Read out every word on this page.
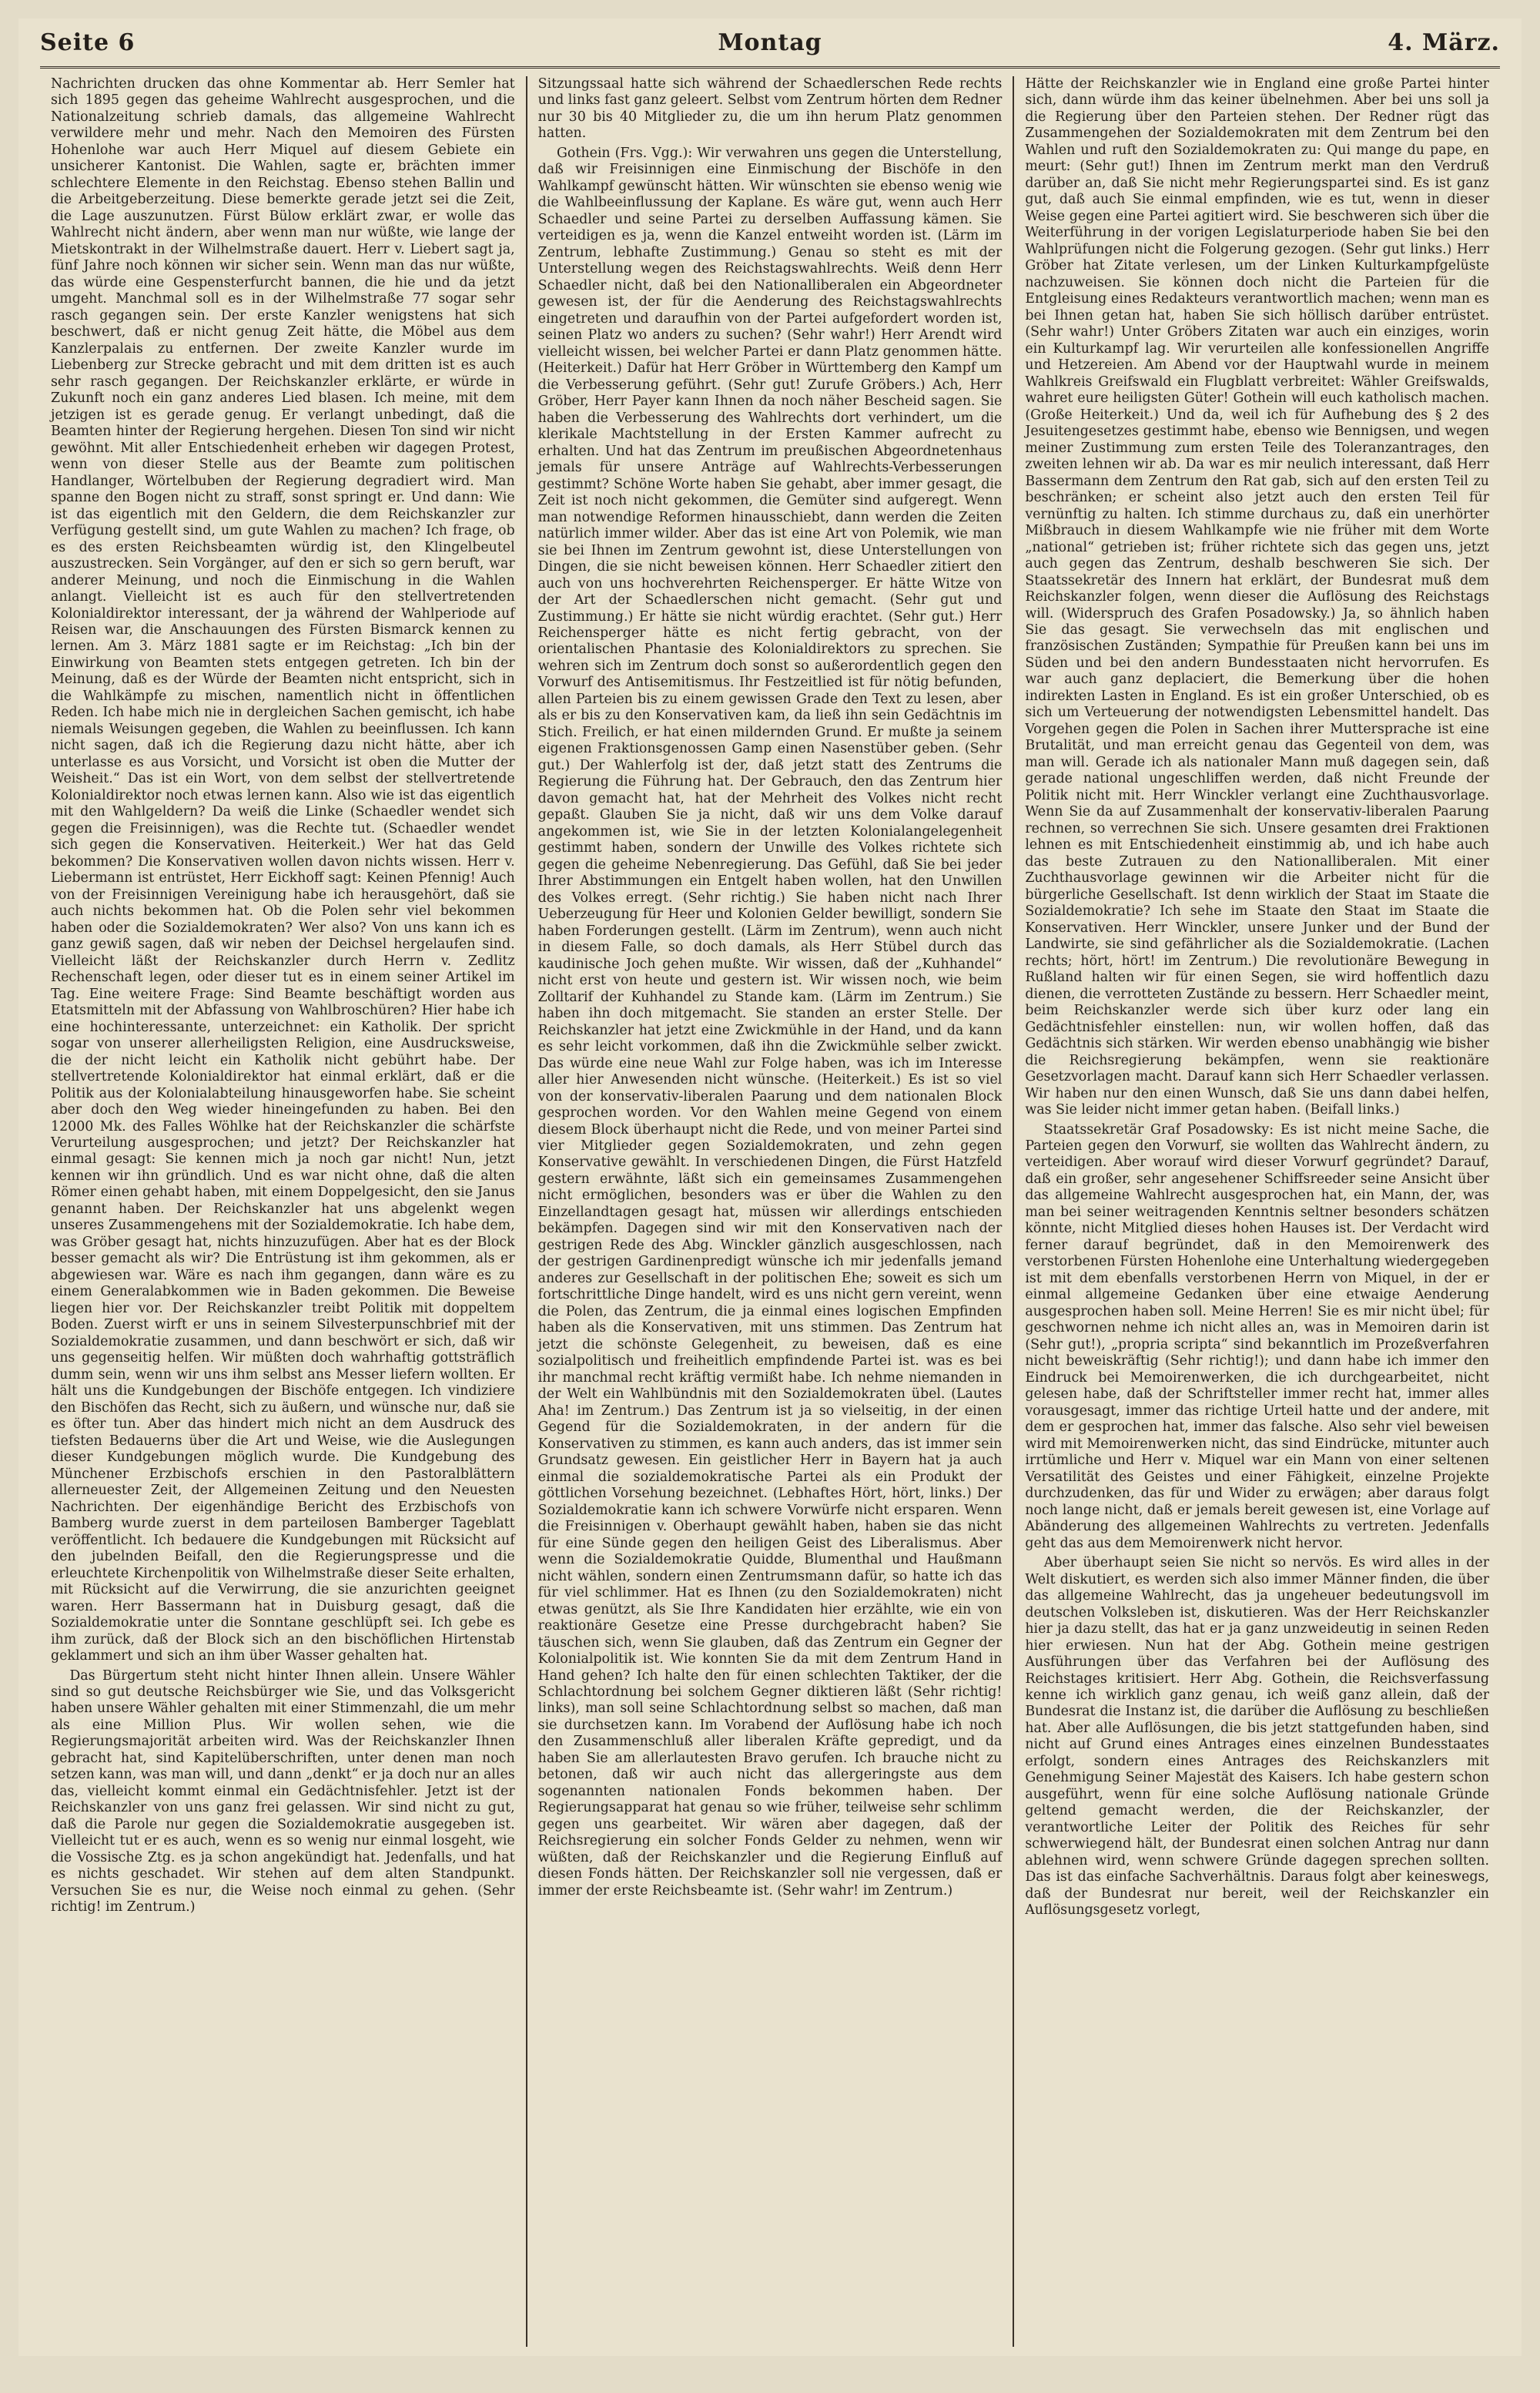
Seite 6	Montag	4. März.

Nachrichten drucken das ohne Kommentar ab. Herr Semler hat sich 1895 gegen das geheime Wahlrecht ausgesprochen, und die Nationalzeitung schrieb damals, das allgemeine Wahlrecht verwildere mehr und mehr. Nach den Memoiren des Fürsten Hohenlohe war auch Herr Miquel auf diesem Gebiete ein unsicherer Kantonist. Die Wahlen, sagte er, brächten immer schlechtere Elemente in den Reichstag. Ebenso stehen Ballin und die Arbeitgeberzeitung. Diese bemerkte gerade jetzt sei die Zeit, die Lage auszunutzen. Fürst Bülow erklärt zwar, er wolle das Wahlrecht nicht ändern, aber wenn man nur wüßte, wie lange der Mietskontrakt in der Wilhelmstraße dauert. Herr v. Liebert sagt ja, fünf Jahre noch können wir sicher sein. Wenn man das nur wüßte, das würde eine Gespensterfurcht bannen, die hie und da jetzt umgeht. Manchmal soll es in der Wilhelmstraße 77 sogar sehr rasch gegangen sein. Der erste Kanzler wenigstens hat sich beschwert, daß er nicht genug Zeit hätte, die Möbel aus dem Kanzlerpalais zu entfernen. Der zweite Kanzler wurde im Liebenberg zur Strecke gebracht und mit dem dritten ist es auch sehr rasch gegangen. Der Reichskanzler erklärte, er würde in Zukunft noch ein ganz anderes Lied blasen. Ich meine, mit dem jetzigen ist es gerade genug. Er verlangt unbedingt, daß die Beamten hinter der Regierung hergehen. Diesen Ton sind wir nicht gewöhnt. Mit aller Entschiedenheit erheben wir dagegen Protest, wenn von dieser Stelle aus der Beamte zum politischen Handlanger, Wörtelbuben der Regierung degradiert wird. Man spanne den Bogen nicht zu straff, sonst springt er. Und dann: Wie ist das eigentlich mit den Geldern, die dem Reichskanzler zur Verfügung gestellt sind, um gute Wahlen zu machen? Ich frage, ob es des ersten Reichsbeamten würdig ist, den Klingelbeutel auszustrecken. Sein Vorgänger, auf den er sich so gern beruft, war anderer Meinung, und noch die Einmischung in die Wahlen anlangt. Vielleicht ist es auch für den stellvertretenden Kolonialdirektor interessant, der ja während der Wahlperiode auf Reisen war, die Anschauungen des Fürsten Bismarck kennen zu lernen. Am 3. März 1881 sagte er im Reichstag: „Ich bin der Einwirkung von Beamten stets entgegen getreten. Ich bin der Meinung, daß es der Würde der Beamten nicht entspricht, sich in die Wahlkämpfe zu mischen, namentlich nicht in öffentlichen Reden. Ich habe mich nie in dergleichen Sachen gemischt, ich habe niemals Weisungen gegeben, die Wahlen zu beeinflussen. Ich kann nicht sagen, daß ich die Regierung dazu nicht hätte, aber ich unterlasse es aus Vorsicht, und Vorsicht ist oben die Mutter der Weisheit.“ Das ist ein Wort, von dem selbst der stellvertretende Kolonialdirektor noch etwas lernen kann. Also wie ist das eigentlich mit den Wahlgeldern? Da weiß die Linke (Schaedler wendet sich gegen die Freisinnigen), was die Rechte tut. (Schaedler wendet sich gegen die Konservativen. Heiterkeit.) Wer hat das Geld bekommen? Die Konservativen wollen davon nichts wissen. Herr v. Liebermann ist entrüstet, Herr Eickhoff sagt: Keinen Pfennig! Auch von der Freisinnigen Vereinigung habe ich herausgehört, daß sie auch nichts bekommen hat. Ob die Polen sehr viel bekommen haben oder die Sozialdemokraten? Wer also? Von uns kann ich es ganz gewiß sagen, daß wir neben der Deichsel hergelaufen sind. Vielleicht läßt der Reichskanzler durch Herrn v. Zedlitz Rechenschaft legen, oder dieser tut es in einem seiner Artikel im Tag. Eine weitere Frage: Sind Beamte beschäftigt worden aus Etatsmitteln mit der Abfassung von Wahlbroschüren? Hier habe ich eine hochinteressante, unterzeichnet: ein Katholik. Der spricht sogar von unserer allerheiligsten Religion, eine Ausdrucksweise, die der nicht leicht ein Katholik nicht gebührt habe. Der stellvertretende Kolonialdirektor hat einmal erklärt, daß er die Politik aus der Kolonialabteilung hinausgeworfen habe. Sie scheint aber doch den Weg wieder hineingefunden zu haben. Bei den 12000 Mk. des Falles Wöhlke hat der Reichskanzler die schärfste Verurteilung ausgesprochen; und jetzt? Der Reichskanzler hat einmal gesagt: Sie kennen mich ja noch gar nicht! Nun, jetzt kennen wir ihn gründlich. Und es war nicht ohne, daß die alten Römer einen gehabt haben, mit einem Doppelgesicht, den sie Janus genannt haben. Der Reichskanzler hat uns abgelenkt wegen unseres Zusammengehens mit der Sozialdemokratie. Ich habe dem, was Gröber gesagt hat, nichts hinzuzufügen. Aber hat es der Block besser gemacht als wir? Die Entrüstung ist ihm gekommen, als er abgewiesen war. Wäre es nach ihm gegangen, dann wäre es zu einem Generalabkommen wie in Baden gekommen. Die Beweise liegen hier vor. Der Reichskanzler treibt Politik mit doppeltem Boden. Zuerst wirft er uns in seinem Silvesterpunschbrief mit der Sozialdemokratie zusammen, und dann beschwört er sich, daß wir uns gegenseitig helfen. Wir müßten doch wahrhaftig gottsträflich dumm sein, wenn wir uns ihm selbst ans Messer liefern wollten. Er hält uns die Kundgebungen der Bischöfe entgegen. Ich vindiziere den Bischöfen das Recht, sich zu äußern, und wünsche nur, daß sie es öfter tun. Aber das hindert mich nicht an dem Ausdruck des tiefsten Bedauerns über die Art und Weise, wie die Auslegungen dieser Kundgebungen möglich wurde. Die Kundgebung des Münchener Erzbischofs erschien in den Pastoralblättern allerneuester Zeit, der Allgemeinen Zeitung und den Neuesten Nachrichten. Der eigenhändige Bericht des Erzbischofs von Bamberg wurde zuerst in dem parteilosen Bamberger Tageblatt veröffentlicht. Ich bedauere die Kundgebungen mit Rücksicht auf den jubelnden Beifall, den die Regierungspresse und die erleuchtete Kirchenpolitik von Wilhelmstraße dieser Seite erhalten, mit Rücksicht auf die Verwirrung, die sie anzurichten geeignet waren. Herr Bassermann hat in Duisburg gesagt, daß die Sozialdemokratie unter die Sonntane geschlüpft sei. Ich gebe es ihm zurück, daß der Block sich an den bischöflichen Hirtenstab geklammert und sich an ihm über Wasser gehalten hat.

Das Bürgertum steht nicht hinter Ihnen allein. Unsere Wähler sind so gut deutsche Reichsbürger wie Sie, und das Volksgericht haben unsere Wähler gehalten mit einer Stimmenzahl, die um mehr als eine Million Plus. Wir wollen sehen, wie die Regierungsmajorität arbeiten wird. Was der Reichskanzler Ihnen gebracht hat, sind Kapitelüberschriften, unter denen man noch setzen kann, was man will, und dann „denkt“ er ja doch nur an alles das, vielleicht kommt einmal ein Gedächtnisfehler. Jetzt ist der Reichskanzler von uns ganz frei gelassen. Wir sind nicht zu gut, daß die Parole nur gegen die Sozialdemokratie ausgegeben ist. Vielleicht tut er es auch, wenn es so wenig nur einmal losgeht, wie die Vossische Ztg. es ja schon angekündigt hat. Jedenfalls, und hat es nichts geschadet. Wir stehen auf dem alten Standpunkt. Versuchen Sie es nur, die Weise noch einmal zu gehen. (Sehr richtig! im Zentrum.)

Sitzungssaal hatte sich während der Schaedlerschen Rede rechts und links fast ganz geleert. Selbst vom Zentrum hörten dem Redner nur 30 bis 40 Mitglieder zu, die um ihn herum Platz genommen hatten.

Gothein (Frs. Vgg.): Wir verwahren uns gegen die Unterstellung, daß wir Freisinnigen eine Einmischung der Bischöfe in den Wahlkampf gewünscht hätten. Wir wünschten sie ebenso wenig wie die Wahlbeeinflussung der Kaplane. Es wäre gut, wenn auch Herr Schaedler und seine Partei zu derselben Auffassung kämen. Sie verteidigen es ja, wenn die Kanzel entweiht worden ist. (Lärm im Zentrum, lebhafte Zustimmung.) Genau so steht es mit der Unterstellung wegen des Reichstagswahlrechts. Weiß denn Herr Schaedler nicht, daß bei den Nationalliberalen ein Abgeordneter gewesen ist, der für die Aenderung des Reichstagswahlrechts eingetreten und daraufhin von der Partei aufgefordert worden ist, seinen Platz wo anders zu suchen? (Sehr wahr!) Herr Arendt wird vielleicht wissen, bei welcher Partei er dann Platz genommen hätte. (Heiterkeit.) Dafür hat Herr Gröber in Württemberg den Kampf um die Verbesserung geführt. (Sehr gut! Zurufe Gröbers.) Ach, Herr Gröber, Herr Payer kann Ihnen da noch näher Bescheid sagen. Sie haben die Verbesserung des Wahlrechts dort verhindert, um die klerikale Machtstellung in der Ersten Kammer aufrecht zu erhalten. Und hat das Zentrum im preußischen Abgeordnetenhaus jemals für unsere Anträge auf Wahlrechts-Verbesserungen gestimmt? Schöne Worte haben Sie gehabt, aber immer gesagt, die Zeit ist noch nicht gekommen, die Gemüter sind aufgeregt. Wenn man notwendige Reformen hinausschiebt, dann werden die Zeiten natürlich immer wilder. Aber das ist eine Art von Polemik, wie man sie bei Ihnen im Zentrum gewohnt ist, diese Unterstellungen von Dingen, die sie nicht beweisen können. Herr Schaedler zitiert den auch von uns hochverehrten Reichensperger. Er hätte Witze von der Art der Schaedlerschen nicht gemacht. (Sehr gut und Zustimmung.) Er hätte sie nicht würdig erachtet. (Sehr gut.) Herr Reichensperger hätte es nicht fertig gebracht, von der orientalischen Phantasie des Kolonialdirektors zu sprechen. Sie wehren sich im Zentrum doch sonst so außerordentlich gegen den Vorwurf des Antisemitismus. Ihr Festzeitlied ist für nötig befunden, allen Parteien bis zu einem gewissen Grade den Text zu lesen, aber als er bis zu den Konservativen kam, da ließ ihn sein Gedächtnis im Stich. Freilich, er hat einen mildernden Grund. Er mußte ja seinem eigenen Fraktionsgenossen Gamp einen Nasenstüber geben. (Sehr gut.) Der Wahlerfolg ist der, daß jetzt statt des Zentrums die Regierung die Führung hat. Der Gebrauch, den das Zentrum hier davon gemacht hat, hat der Mehrheit des Volkes nicht recht gepaßt. Glauben Sie ja nicht, daß wir uns dem Volke darauf angekommen ist, wie Sie in der letzten Kolonialangelegenheit gestimmt haben, sondern der Unwille des Volkes richtete sich gegen die geheime Nebenregierung. Das Gefühl, daß Sie bei jeder Ihrer Abstimmungen ein Entgelt haben wollen, hat den Unwillen des Volkes erregt. (Sehr richtig.) Sie haben nicht nach Ihrer Ueberzeugung für Heer und Kolonien Gelder bewilligt, sondern Sie haben Forderungen gestellt. (Lärm im Zentrum), wenn auch nicht in diesem Falle, so doch damals, als Herr Stübel durch das kaudinische Joch gehen mußte. Wir wissen, daß der „Kuhhandel“ nicht erst von heute und gestern ist. Wir wissen noch, wie beim Zolltarif der Kuhhandel zu Stande kam. (Lärm im Zentrum.) Sie haben ihn doch mitgemacht. Sie standen an erster Stelle. Der Reichskanzler hat jetzt eine Zwickmühle in der Hand, und da kann es sehr leicht vorkommen, daß ihn die Zwickmühle selber zwickt. Das würde eine neue Wahl zur Folge haben, was ich im Interesse aller hier Anwesenden nicht wünsche. (Heiterkeit.) Es ist so viel von der konservativ-liberalen Paarung und dem nationalen Block gesprochen worden. Vor den Wahlen meine Gegend von einem diesem Block überhaupt nicht die Rede, und von meiner Partei sind vier Mitglieder gegen Sozialdemokraten, und zehn gegen Konservative gewählt. In verschiedenen Dingen, die Fürst Hatzfeld gestern erwähnte, läßt sich ein gemeinsames Zusammengehen nicht ermöglichen, besonders was er über die Wahlen zu den Einzellandtagen gesagt hat, müssen wir allerdings entschieden bekämpfen. Dagegen sind wir mit den Konservativen nach der gestrigen Rede des Abg. Winckler gänzlich ausgeschlossen, nach der gestrigen Gardinenpredigt wünsche ich mir jedenfalls jemand anderes zur Gesellschaft in der politischen Ehe; soweit es sich um fortschrittliche Dinge handelt, wird es uns nicht gern vereint, wenn die Polen, das Zentrum, die ja einmal eines logischen Empfinden haben als die Konservativen, mit uns stimmen. Das Zentrum hat jetzt die schönste Gelegenheit, zu beweisen, daß es eine sozialpolitisch und freiheitlich empfindende Partei ist. was es bei ihr manchmal recht kräftig vermißt habe. Ich nehme niemanden in der Welt ein Wahlbündnis mit den Sozialdemokraten übel. (Lautes Aha! im Zentrum.) Das Zentrum ist ja so vielseitig, in der einen Gegend für die Sozialdemokraten, in der andern für die Konservativen zu stimmen, es kann auch anders, das ist immer sein Grundsatz gewesen. Ein geistlicher Herr in Bayern hat ja auch einmal die sozialdemokratische Partei als ein Produkt der göttlichen Vorsehung bezeichnet. (Lebhaftes Hört, hört, links.) Der Sozialdemokratie kann ich schwere Vorwürfe nicht ersparen. Wenn die Freisinnigen v. Oberhaupt gewählt haben, haben sie das nicht für eine Sünde gegen den heiligen Geist des Liberalismus. Aber wenn die Sozialdemokratie Quidde, Blumenthal und Haußmann nicht wählen, sondern einen Zentrumsmann dafür, so hatte ich das für viel schlimmer. Hat es Ihnen (zu den Sozialdemokraten) nicht etwas genützt, als Sie Ihre Kandidaten hier erzählte, wie ein von reaktionäre Gesetze eine Presse durchgebracht haben? Sie täuschen sich, wenn Sie glauben, daß das Zentrum ein Gegner der Kolonialpolitik ist. Wie konnten Sie da mit dem Zentrum Hand in Hand gehen? Ich halte den für einen schlechten Taktiker, der die Schlachtordnung bei solchem Gegner diktieren läßt (Sehr richtig! links), man soll seine Schlachtordnung selbst so machen, daß man sie durchsetzen kann. Im Vorabend der Auflösung habe ich noch den Zusammenschluß aller liberalen Kräfte gepredigt, und da haben Sie am allerlautesten Bravo gerufen. Ich brauche nicht zu betonen, daß wir auch nicht das allergeringste aus dem sogenannten nationalen Fonds bekommen haben. Der Regierungsapparat hat genau so wie früher, teilweise sehr schlimm gegen uns gearbeitet. Wir wären aber dagegen, daß der Reichsregierung ein solcher Fonds Gelder zu nehmen, wenn wir wüßten, daß der Reichskanzler und die Regierung Einfluß auf diesen Fonds hätten. Der Reichskanzler soll nie vergessen, daß er immer der erste Reichsbeamte ist. (Sehr wahr! im Zentrum.)

Hätte der Reichskanzler wie in England eine große Partei hinter sich, dann würde ihm das keiner übelnehmen. Aber bei uns soll ja die Regierung über den Parteien stehen. Der Redner rügt das Zusammengehen der Sozialdemokraten mit dem Zentrum bei den Wahlen und ruft den Sozialdemokraten zu: Qui mange du pape, en meurt: (Sehr gut!) Ihnen im Zentrum merkt man den Verdruß darüber an, daß Sie nicht mehr Regierungspartei sind. Es ist ganz gut, daß auch Sie einmal empfinden, wie es tut, wenn in dieser Weise gegen eine Partei agitiert wird. Sie beschweren sich über die Weiterführung in der vorigen Legislaturperiode haben Sie bei den Wahlprüfungen nicht die Folgerung gezogen. (Sehr gut links.) Herr Gröber hat Zitate verlesen, um der Linken Kulturkampfgelüste nachzuweisen. Sie können doch nicht die Parteien für die Entgleisung eines Redakteurs verantwortlich machen; wenn man es bei Ihnen getan hat, haben Sie sich höllisch darüber entrüstet. (Sehr wahr!) Unter Gröbers Zitaten war auch ein einziges, worin ein Kulturkampf lag. Wir verurteilen alle konfessionellen Angriffe und Hetzereien. Am Abend vor der Hauptwahl wurde in meinem Wahlkreis Greifswald ein Flugblatt verbreitet: Wähler Greifswalds, wahret eure heiligsten Güter! Gothein will euch katholisch machen. (Große Heiterkeit.) Und da, weil ich für Aufhebung des § 2 des Jesuitengesetzes gestimmt habe, ebenso wie Bennigsen, und wegen meiner Zustimmung zum ersten Teile des Toleranzantrages, den zweiten lehnen wir ab. Da war es mir neulich interessant, daß Herr Bassermann dem Zentrum den Rat gab, sich auf den ersten Teil zu beschränken; er scheint also jetzt auch den ersten Teil für vernünftig zu halten. Ich stimme durchaus zu, daß ein unerhörter Mißbrauch in diesem Wahlkampfe wie nie früher mit dem Worte „national“ getrieben ist; früher richtete sich das gegen uns, jetzt auch gegen das Zentrum, deshalb beschweren Sie sich. Der Staatssekretär des Innern hat erklärt, der Bundesrat muß dem Reichskanzler folgen, wenn dieser die Auflösung des Reichstags will. (Widerspruch des Grafen Posadowsky.) Ja, so ähnlich haben Sie das gesagt. Sie verwechseln das mit englischen und französischen Zuständen; Sympathie für Preußen kann bei uns im Süden und bei den andern Bundesstaaten nicht hervorrufen. Es war auch ganz deplaciert, die Bemerkung über die hohen indirekten Lasten in England. Es ist ein großer Unterschied, ob es sich um Verteuerung der notwendigsten Lebensmittel handelt. Das Vorgehen gegen die Polen in Sachen ihrer Muttersprache ist eine Brutalität, und man erreicht genau das Gegenteil von dem, was man will. Gerade ich als nationaler Mann muß dagegen sein, daß gerade national ungeschliffen werden, daß nicht Freunde der Politik nicht mit. Herr Winckler verlangt eine Zuchthausvorlage. Wenn Sie da auf Zusammenhalt der konservativ-liberalen Paarung rechnen, so verrechnen Sie sich. Unsere gesamten drei Fraktionen lehnen es mit Entschiedenheit einstimmig ab, und ich habe auch das beste Zutrauen zu den Nationalliberalen. Mit einer Zuchthausvorlage gewinnen wir die Arbeiter nicht für die bürgerliche Gesellschaft. Ist denn wirklich der Staat im Staate die Sozialdemokratie? Ich sehe im Staate den Staat im Staate die Konservativen. Herr Winckler, unsere Junker und der Bund der Landwirte, sie sind gefährlicher als die Sozialdemokratie. (Lachen rechts; hört, hört! im Zentrum.) Die revolutionäre Bewegung in Rußland halten wir für einen Segen, sie wird hoffentlich dazu dienen, die verrotteten Zustände zu bessern. Herr Schaedler meint, beim Reichskanzler werde sich über kurz oder lang ein Gedächtnisfehler einstellen: nun, wir wollen hoffen, daß das Gedächtnis sich stärken. Wir werden ebenso unabhängig wie bisher die Reichsregierung bekämpfen, wenn sie reaktionäre Gesetzvorlagen macht. Darauf kann sich Herr Schaedler verlassen. Wir haben nur den einen Wunsch, daß Sie uns dann dabei helfen, was Sie leider nicht immer getan haben. (Beifall links.)

Staatssekretär Graf Posadowsky: Es ist nicht meine Sache, die Parteien gegen den Vorwurf, sie wollten das Wahlrecht ändern, zu verteidigen. Aber worauf wird dieser Vorwurf gegründet? Darauf, daß ein großer, sehr angesehener Schiffsreeder seine Ansicht über das allgemeine Wahlrecht ausgesprochen hat, ein Mann, der, was man bei seiner weitragenden Kenntnis seltner besonders schätzen könnte, nicht Mitglied dieses hohen Hauses ist. Der Verdacht wird ferner darauf begründet, daß in den Memoirenwerk des verstorbenen Fürsten Hohenlohe eine Unterhaltung wiedergegeben ist mit dem ebenfalls verstorbenen Herrn von Miquel, in der er einmal allgemeine Gedanken über eine etwaige Aenderung ausgesprochen haben soll. Meine Herren! Sie es mir nicht übel; für geschwornen nehme ich nicht alles an, was in Memoiren darin ist (Sehr gut!), „propria scripta“ sind bekanntlich im Prozeßverfahren nicht beweiskräftig (Sehr richtig!); und dann habe ich immer den Eindruck bei Memoirenwerken, die ich durchgearbeitet, nicht gelesen habe, daß der Schriftsteller immer recht hat, immer alles vorausgesagt, immer das richtige Urteil hatte und der andere, mit dem er gesprochen hat, immer das falsche. Also sehr viel beweisen wird mit Memoirenwerken nicht, das sind Eindrücke, mitunter auch irrtümliche und Herr v. Miquel war ein Mann von einer seltenen Versatilität des Geistes und einer Fähigkeit, einzelne Projekte durchzudenken, das für und Wider zu erwägen; aber daraus folgt noch lange nicht, daß er jemals bereit gewesen ist, eine Vorlage auf Abänderung des allgemeinen Wahlrechts zu vertreten. Jedenfalls geht das aus dem Memoirenwerk nicht hervor.

Aber überhaupt seien Sie nicht so nervös. Es wird alles in der Welt diskutiert, es werden sich also immer Männer finden, die über das allgemeine Wahlrecht, das ja ungeheuer bedeutungsvoll im deutschen Volksleben ist, diskutieren. Was der Herr Reichskanzler hier ja dazu stellt, das hat er ja ganz unzweideutig in seinen Reden hier erwiesen. Nun hat der Abg. Gothein meine gestrigen Ausführungen über das Verfahren bei der Auflösung des Reichstages kritisiert. Herr Abg. Gothein, die Reichsverfassung kenne ich wirklich ganz genau, ich weiß ganz allein, daß der Bundesrat die Instanz ist, die darüber die Auflösung zu beschließen hat. Aber alle Auflösungen, die bis jetzt stattgefunden haben, sind nicht auf Grund eines Antrages eines einzelnen Bundesstaates erfolgt, sondern eines Antrages des Reichskanzlers mit Genehmigung Seiner Majestät des Kaisers. Ich habe gestern schon ausgeführt, wenn für eine solche Auflösung nationale Gründe geltend gemacht werden, die der Reichskanzler, der verantwortliche Leiter der Politik des Reiches für sehr schwerwiegend hält, der Bundesrat einen solchen Antrag nur dann ablehnen wird, wenn schwere Gründe dagegen sprechen sollten. Das ist das einfache Sachverhältnis. Daraus folgt aber keineswegs, daß der Bundesrat nur bereit, weil der Reichskanzler ein Auflösungsgesetz vorlegt,
